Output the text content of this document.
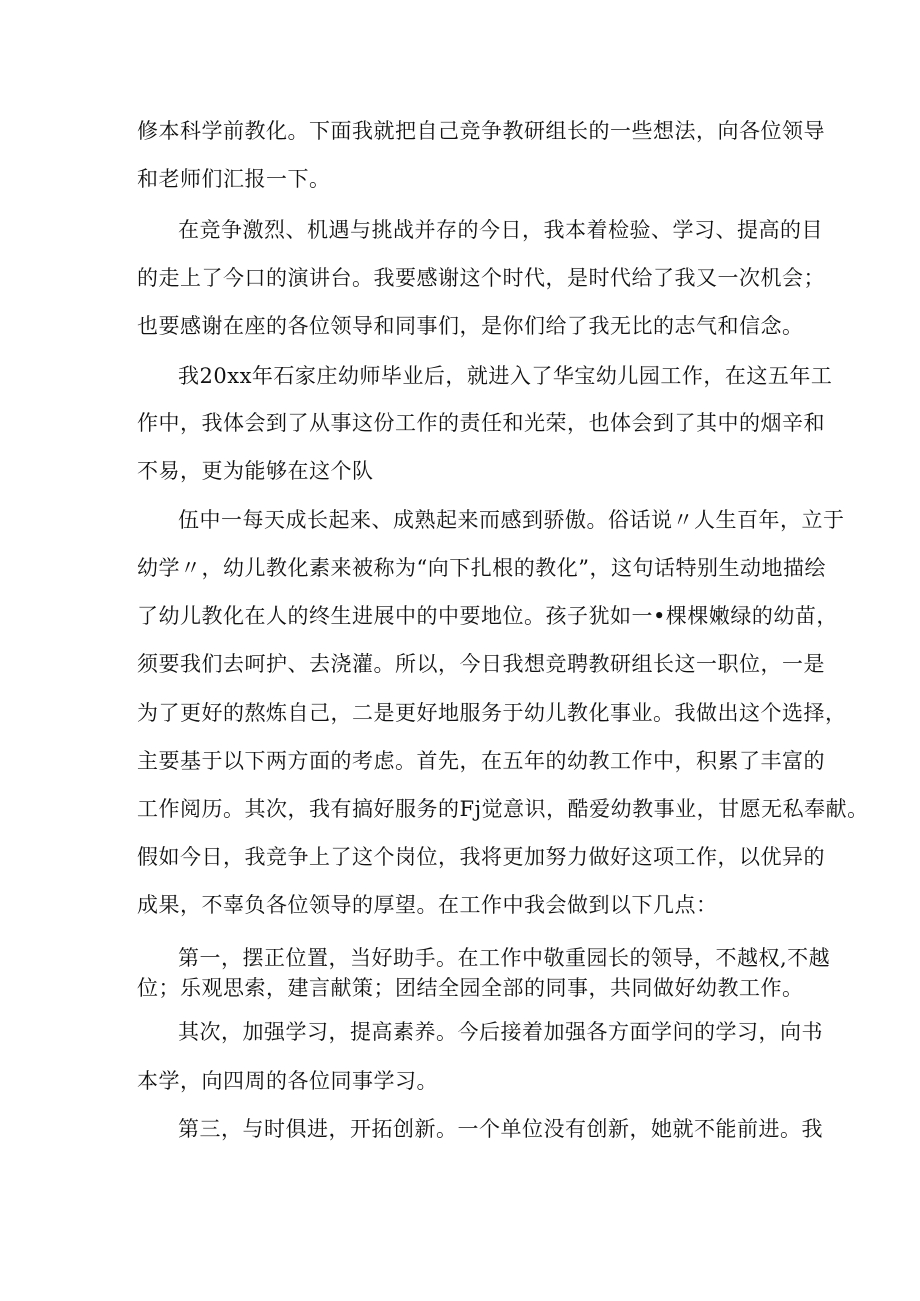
修本科学前教化。下面我就把自己竞争教研组长的一些想法，向各位领导

和老师们汇报一下。

在竞争激烈、机遇与挑战并存的今日，我本着检验、学习、提高的目

的走上了今口的演讲台。我要感谢这个时代，是时代给了我又一次机会；

也要感谢在座的各位领导和同事们，是你们给了我无比的志气和信念。

我20xx年石家庄幼师毕业后，就进入了华宝幼儿园工作，在这五年工

作中，我体会到了从事这份工作的责任和光荣，也体会到了其中的烟辛和

不易，更为能够在这个队

伍中一每天成长起来、成熟起来而感到骄傲。俗话说〃人生百年，立于

幼学〃，幼儿教化素来被称为“向下扎根的教化”，这句话特别生动地描绘

了幼儿教化在人的终生进展中的中要地位。孩子犹如一•棵棵嫩绿的幼苗，

须要我们去呵护、去浇灌。所以，今日我想竞聘教研组长这一职位，一是

为了更好的熬炼自己，二是更好地服务于幼儿教化事业。我做出这个选择，

主要基于以下两方面的考虑。首先，在五年的幼教工作中，积累了丰富的

工作阅历。其次，我有搞好服务的Fj觉意识，酷爱幼教事业，甘愿无私奉献。

假如今日，我竞争上了这个岗位，我将更加努力做好这项工作，以优异的

成果，不辜负各位领导的厚望。在工作中我会做到以下几点：

第一，摆正位置，当好助手。在工作中敬重园长的领导，不越权,不越

位；乐观思索，建言献策；团结全园全部的同事，共同做好幼教工作。

其次，加强学习，提高素养。今后接着加强各方面学问的学习，向书

本学，向四周的各位同事学习。

第三，与时俱进，开拓创新。一个单位没有创新，她就不能前进。我
